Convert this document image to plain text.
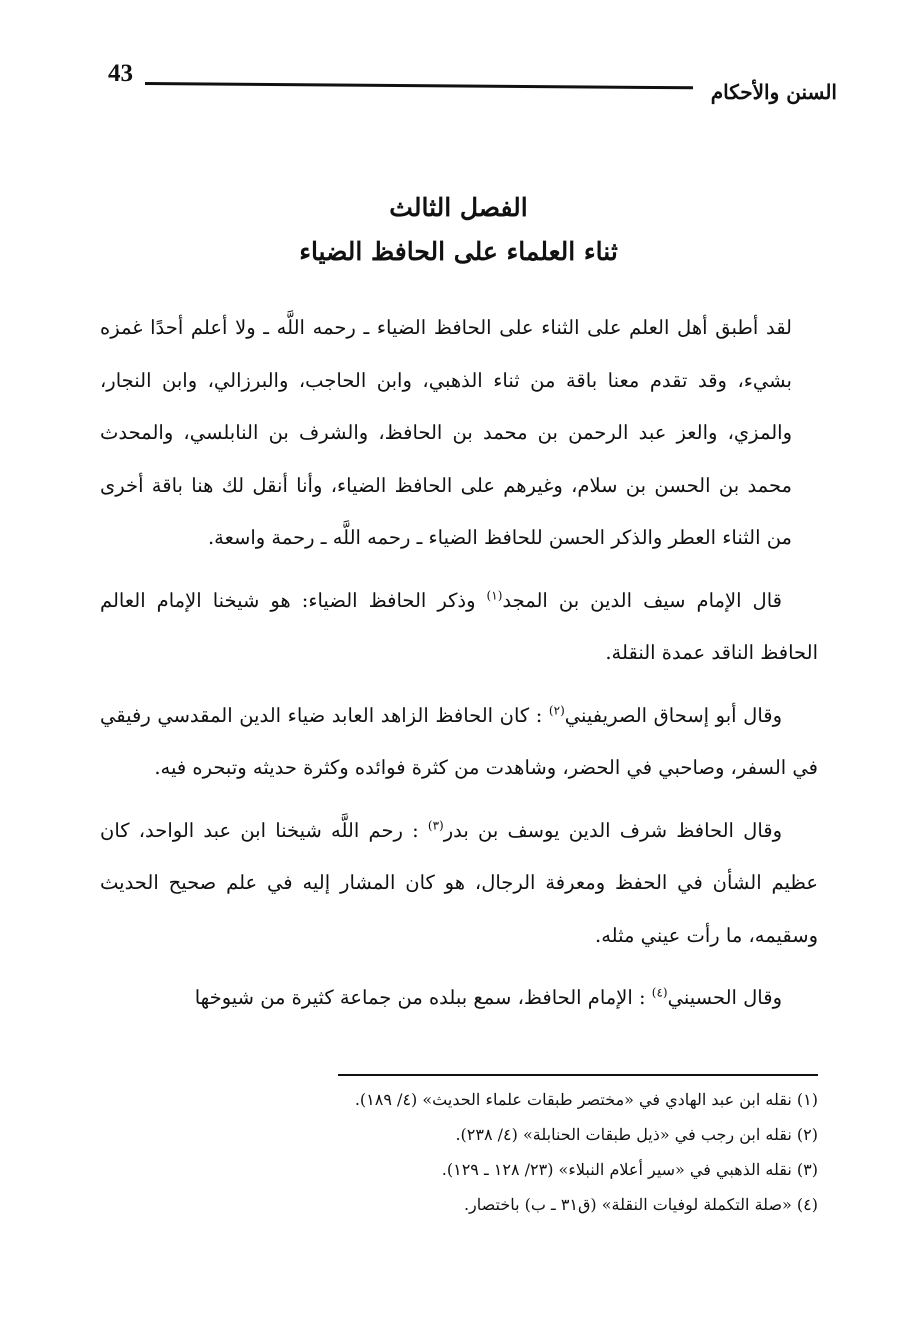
43
السنن والأحكام
الفصل الثالث
ثناء العلماء على الحافظ الضياء

لقد أطبق أهل العلم على الثناء على الحافظ الضياء ـ رحمه اللَّه ـ ولا أعلم أحدًا غمزه بشيء، وقد تقدم معنا باقة من ثناء الذهبي، وابن الحاجب، والبرزالي، وابن النجار، والمزي، والعز عبد الرحمن بن محمد بن الحافظ، والشرف بن النابلسي، والمحدث محمد بن الحسن بن سلام، وغيرهم على الحافظ الضياء، وأنا أنقل لك هنا باقة أخرى من الثناء العطر والذكر الحسن للحافظ الضياء ـ رحمه اللَّه ـ رحمة واسعة.

قال الإمام سيف الدين بن المجد$^{(١)}$ وذكر الحافظ الضياء: هو شيخنا الإمام العالم الحافظ الناقد عمدة النقلة.

وقال أبو إسحاق الصريفيني$^{(٢)}$ : كان الحافظ الزاهد العابد ضياء الدين المقدسي رفيقي في السفر، وصاحبي في الحضر، وشاهدت من كثرة فوائده وكثرة حديثه وتبحره فيه.

وقال الحافظ شرف الدين يوسف بن بدر$^{(٣)}$ : رحم اللَّه شيخنا ابن عبد الواحد، كان عظيم الشأن في الحفظ ومعرفة الرجال، هو كان المشار إليه في علم صحيح الحديث وسقيمه، ما رأت عيني مثله.

وقال الحسيني$^{(٤)}$ : الإمام الحافظ، سمع ببلده من جماعة كثيرة من شيوخها

(١) نقله ابن عبد الهادي في «مختصر طبقات علماء الحديث» (٤/ ١٨٩).
(٢) نقله ابن رجب في «ذيل طبقات الحنابلة» (٤/ ٢٣٨).
(٣) نقله الذهبي في «سير أعلام النبلاء» (٢٣/ ١٢٨ ـ ١٢٩).
(٤) «صلة التكملة لوفيات النقلة» (ق٣١ ـ ب) باختصار.
